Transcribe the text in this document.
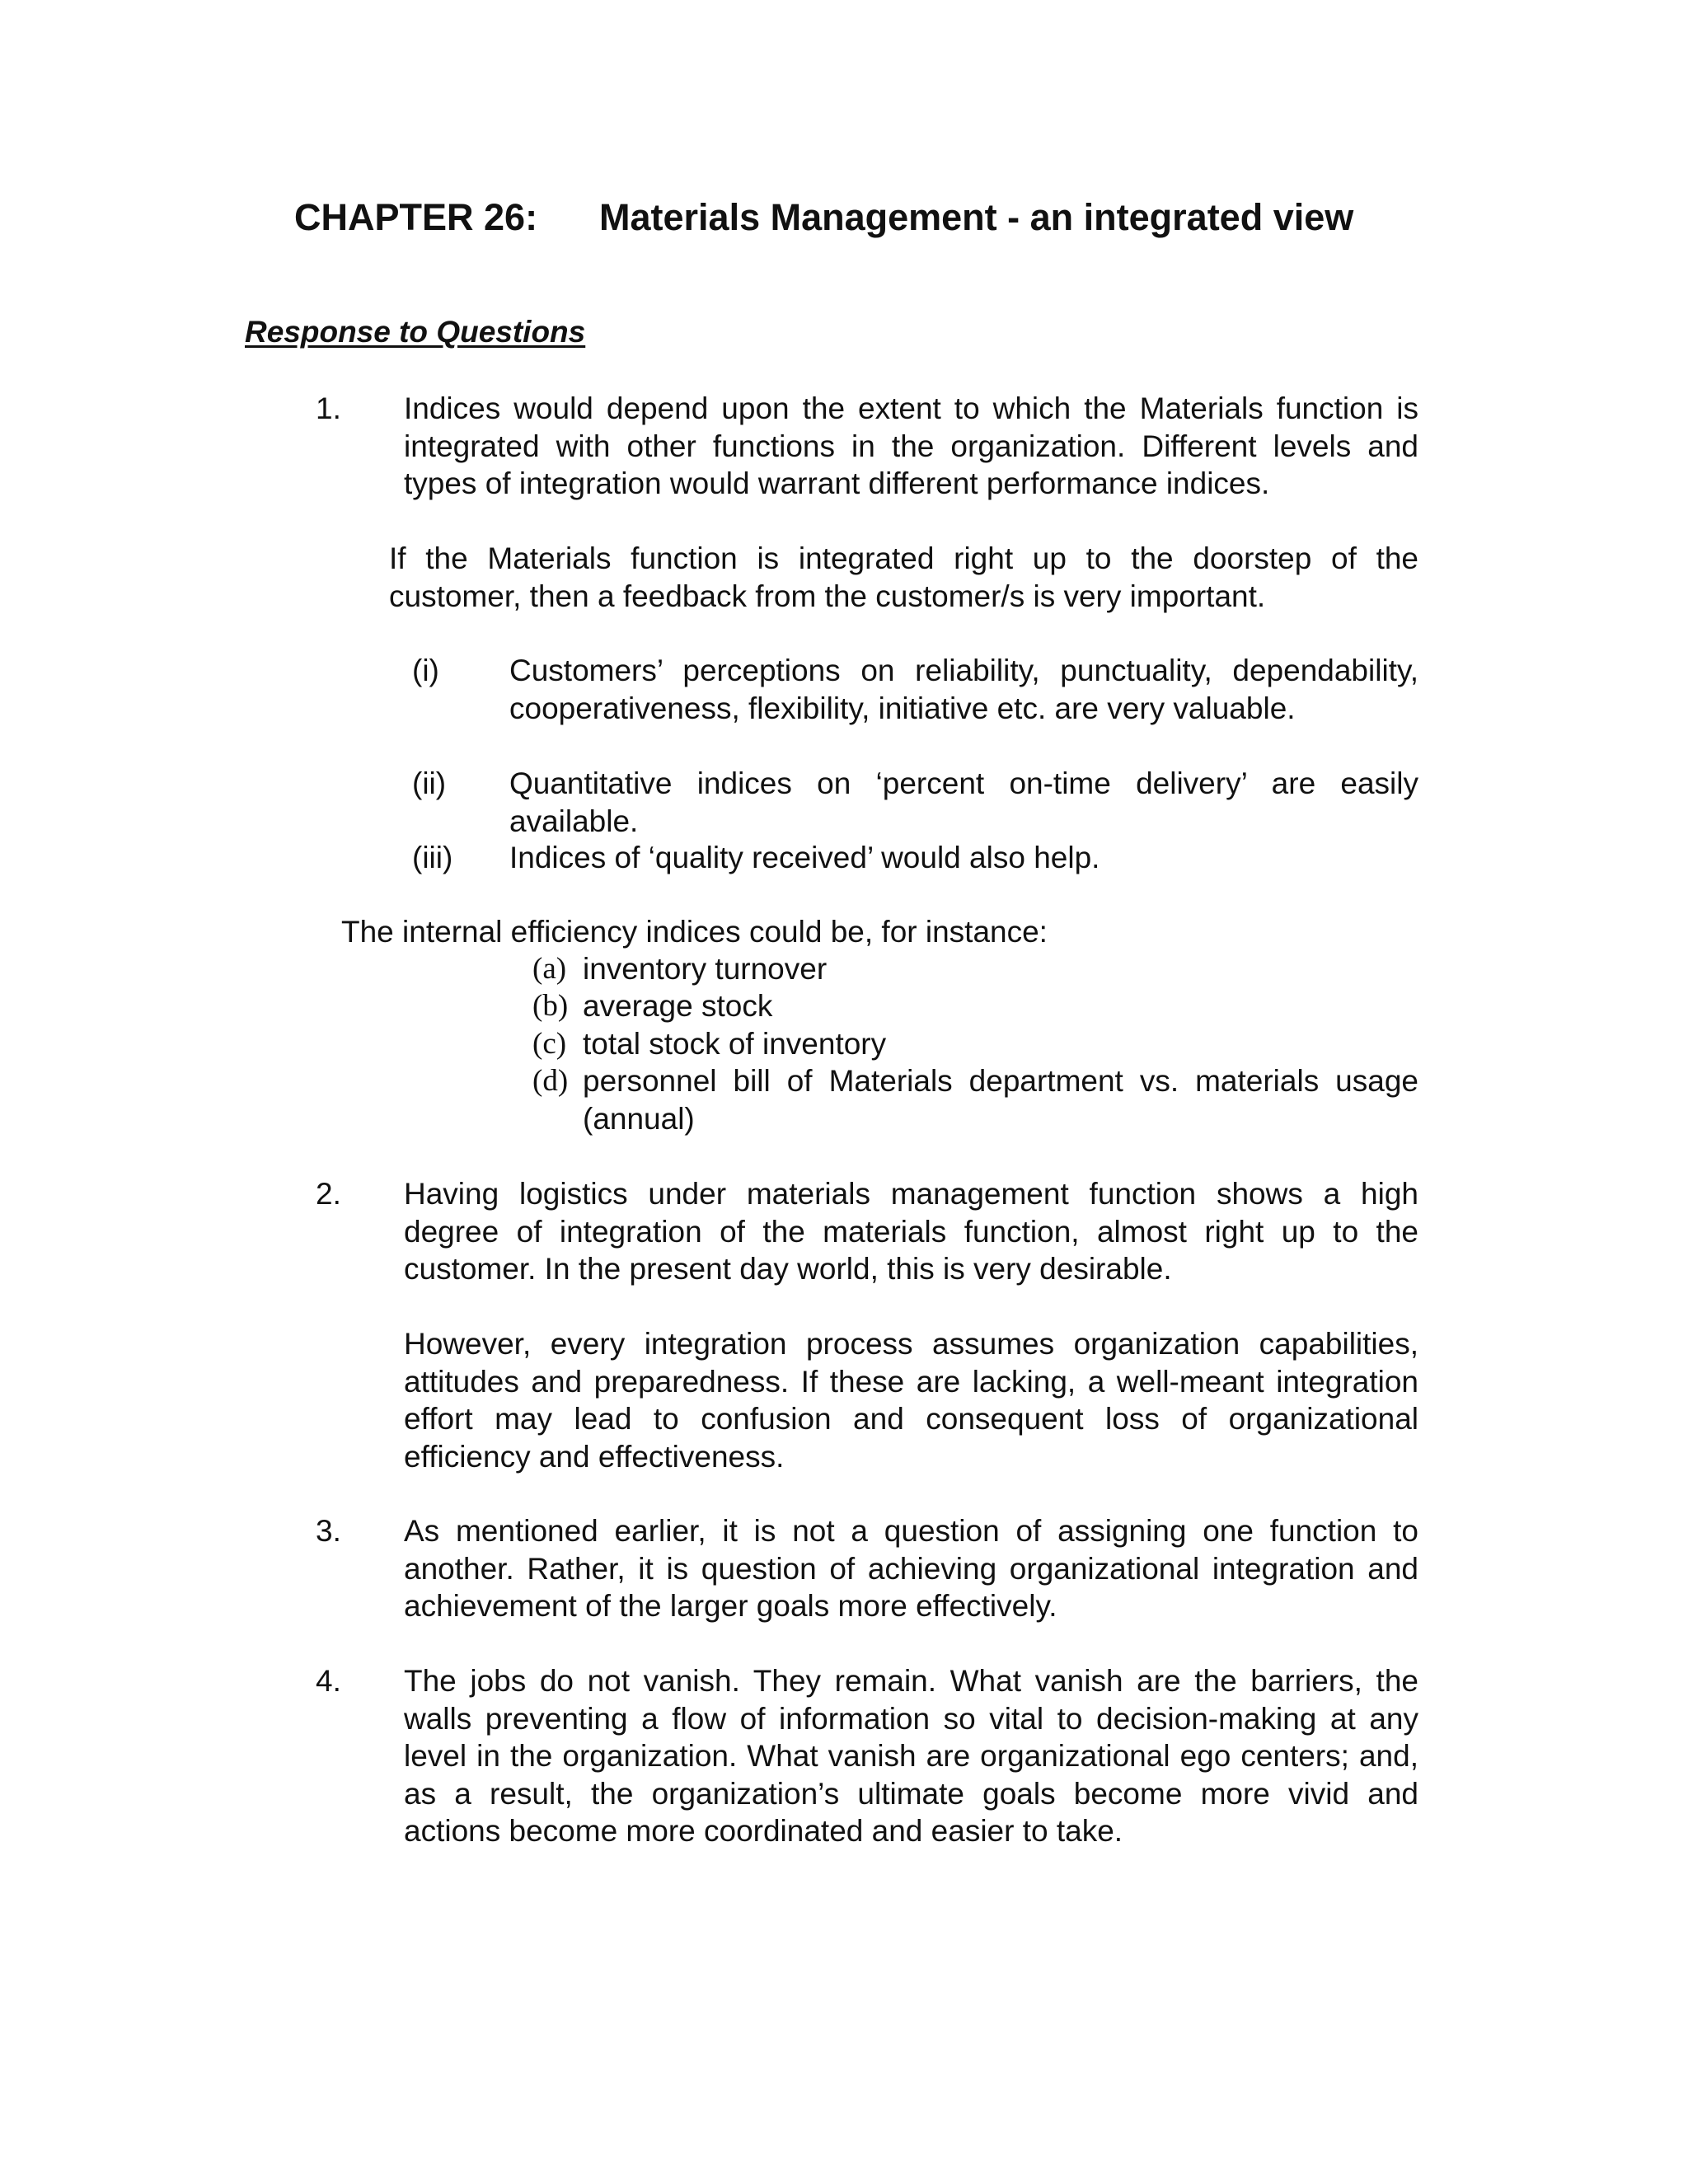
CHAPTER 26: Materials Management - an integrated view
Response to Questions
1. Indices would depend upon the extent to which the Materials function is integrated with other functions in the organization. Different levels and types of integration would warrant different performance indices.
If the Materials function is integrated right up to the doorstep of the customer, then a feedback from the customer/s is very important.
(i) Customers’ perceptions on reliability, punctuality, dependability, cooperativeness, flexibility, initiative etc. are very valuable.
(ii) Quantitative indices on ‘percent on-time delivery’ are easily available.
(iii) Indices of ‘quality received’ would also help.
The internal efficiency indices could be, for instance:
(a) inventory turnover
(b) average stock
(c) total stock of inventory
(d) personnel bill of Materials department vs. materials usage
(annual)
2. Having logistics under materials management function shows a high degree of integration of the materials function, almost right up to the customer. In the present day world, this is very desirable.
However, every integration process assumes organization capabilities, attitudes and preparedness. If these are lacking, a well-meant integration effort may lead to confusion and consequent loss of organizational efficiency and effectiveness.
3. As mentioned earlier, it is not a question of assigning one function to another. Rather, it is question of achieving organizational integration and achievement of the larger goals more effectively.
4. The jobs do not vanish. They remain. What vanish are the barriers, the walls preventing a flow of information so vital to decision-making at any level in the organization. What vanish are organizational ego centers; and, as a result, the organization’s ultimate goals become more vivid and actions become more coordinated and easier to take.
